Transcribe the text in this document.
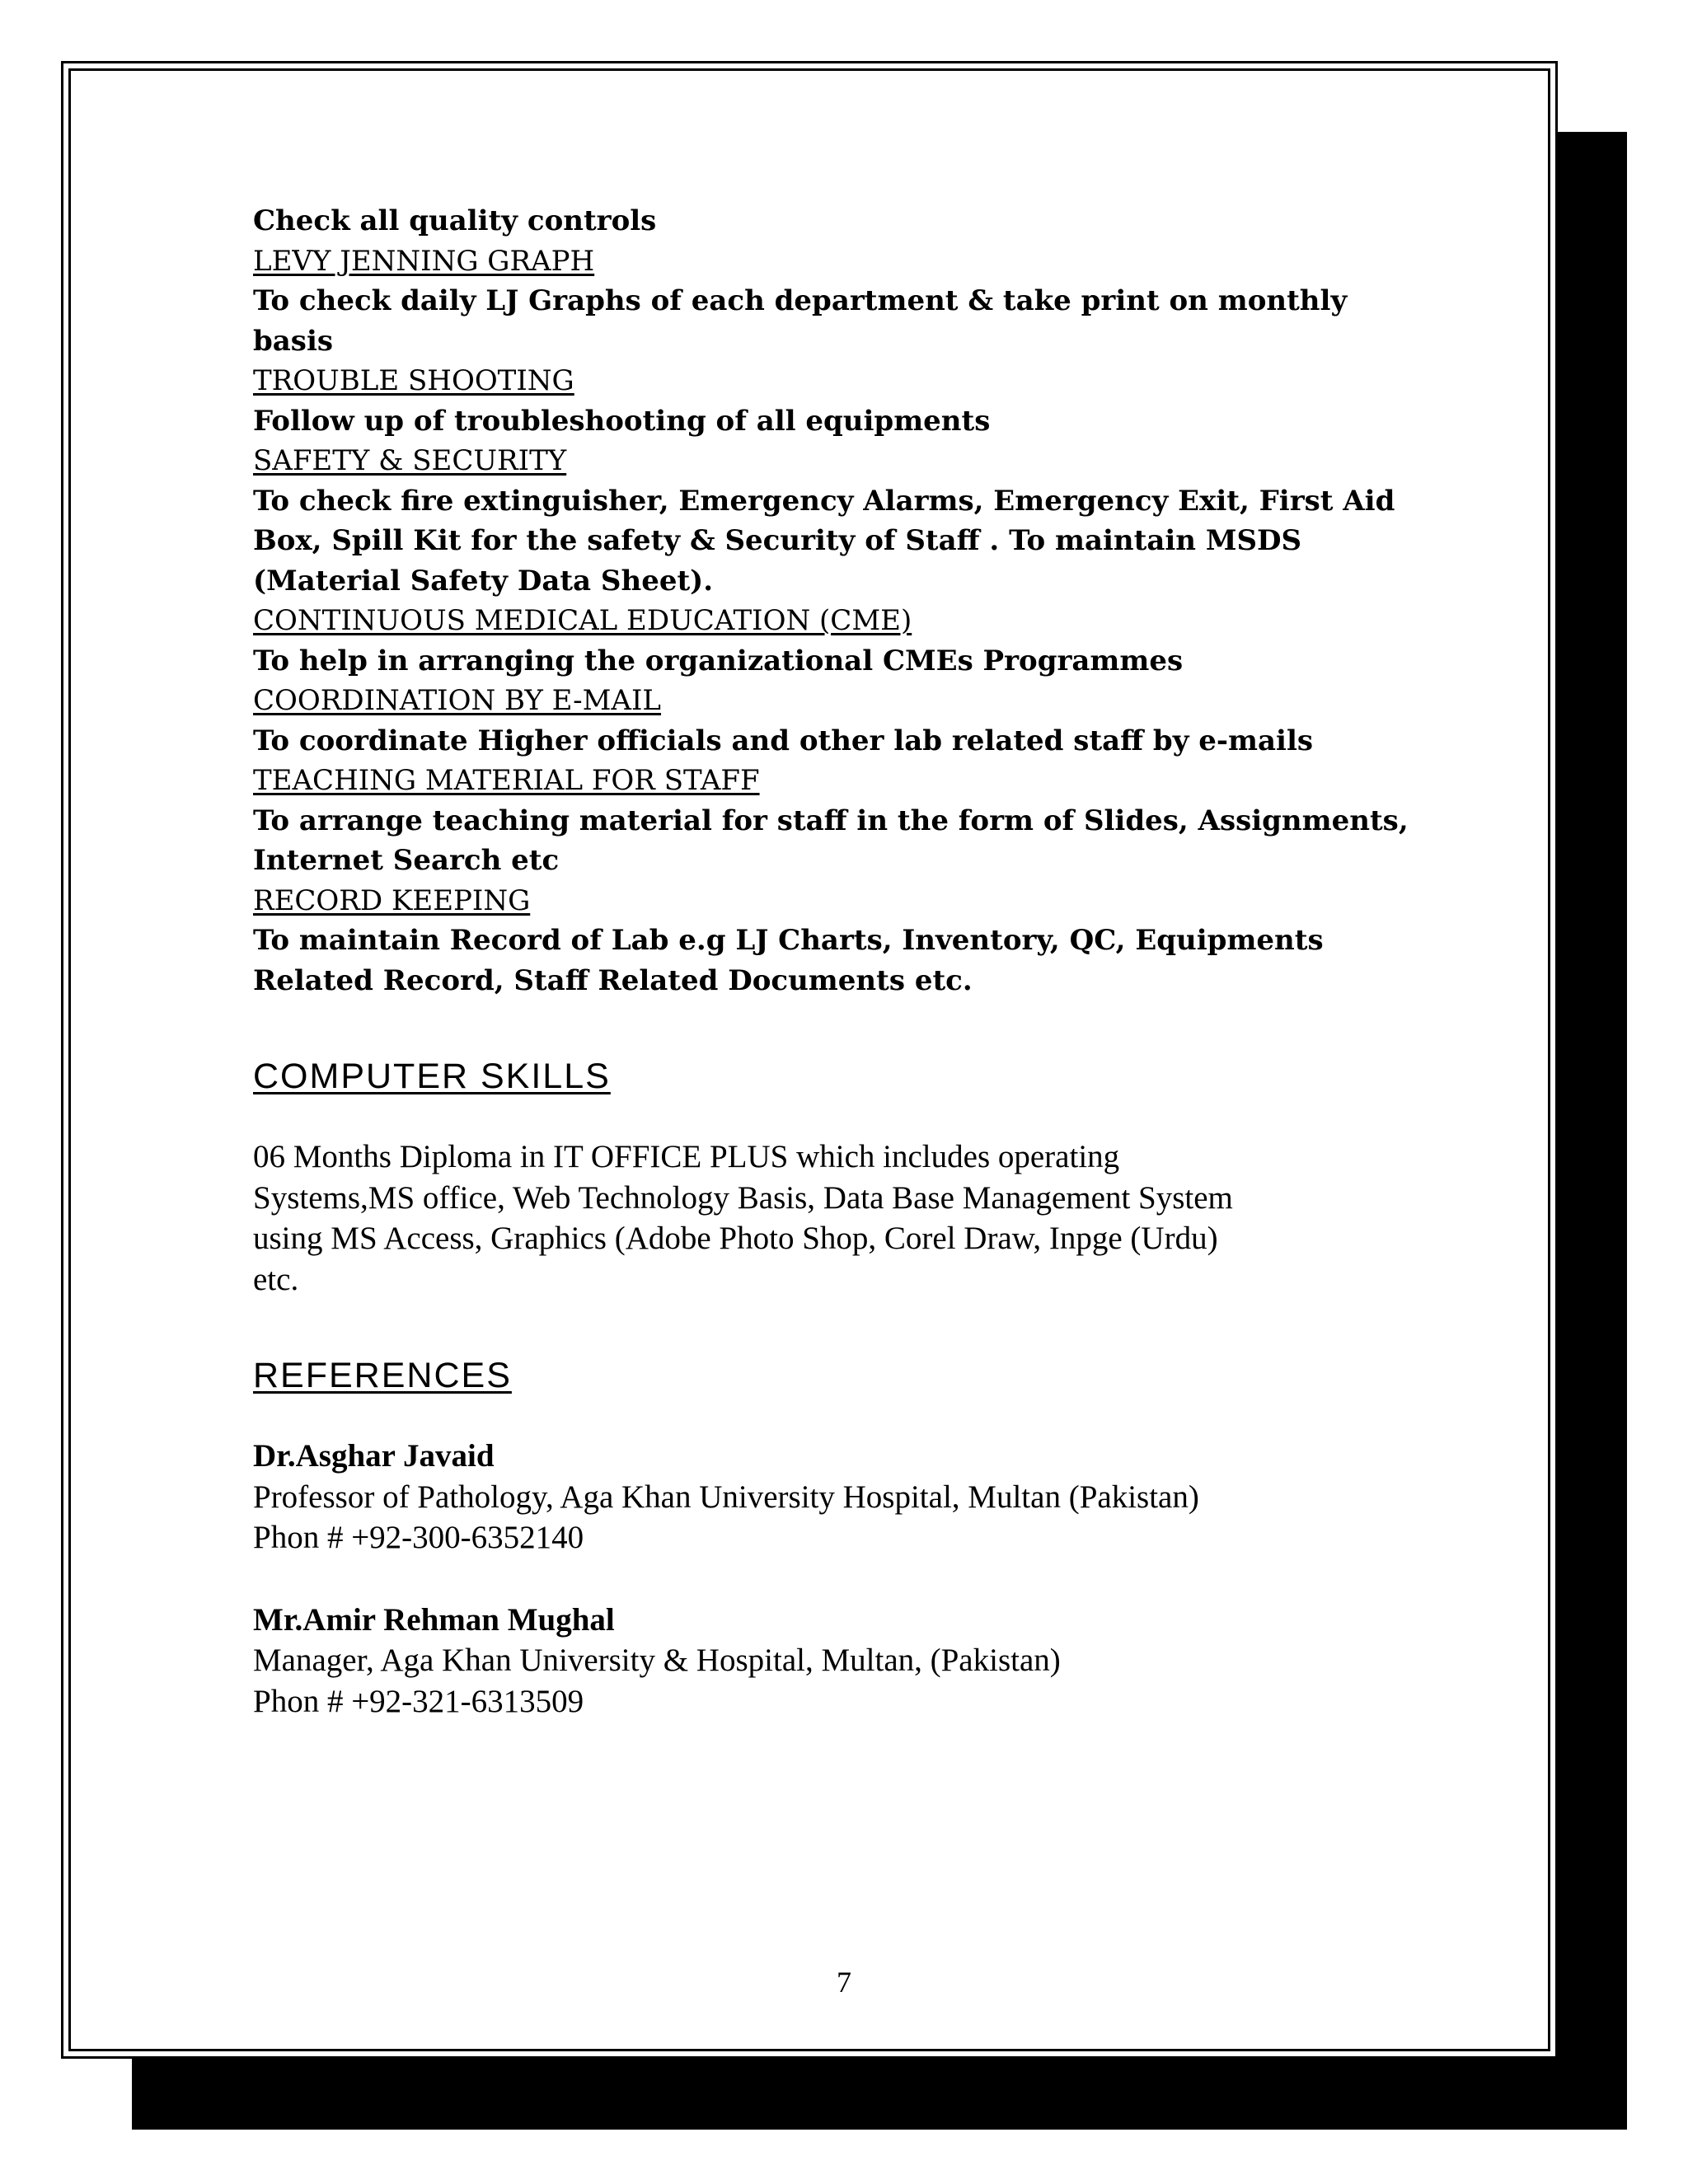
Check all quality controls
LEVY JENNING GRAPH
To check daily LJ Graphs of each department & take print on monthly
basis
TROUBLE SHOOTING
Follow up of troubleshooting of all equipments
SAFETY & SECURITY
To check fire extinguisher, Emergency Alarms, Emergency Exit, First Aid
Box, Spill Kit for the safety & Security of Staff . To maintain MSDS
(Material Safety Data Sheet).
CONTINUOUS MEDICAL EDUCATION (CME)
To help in arranging the organizational CMEs Programmes
COORDINATION BY E-MAIL
To coordinate Higher officials and other lab related staff by e-mails
TEACHING MATERIAL FOR STAFF
To arrange teaching material for staff in the form of Slides, Assignments,
Internet Search etc
RECORD KEEPING
To maintain Record of Lab e.g LJ Charts, Inventory, QC, Equipments
Related Record, Staff Related Documents etc.
COMPUTER SKILLS

06 Months Diploma in IT OFFICE PLUS which includes operating

Systems,MS office, Web Technology Basis, Data Base Management System

using MS Access, Graphics (Adobe Photo Shop, Corel Draw, Inpge (Urdu)

etc.

REFERENCES
Dr.Asghar Javaid
Professor of Pathology, Aga Khan University Hospital, Multan (Pakistan)
Phon # +92-300-6352140
Mr.Amir Rehman Mughal
Manager, Aga Khan University & Hospital, Multan, (Pakistan)
Phon # +92-321-6313509
7
